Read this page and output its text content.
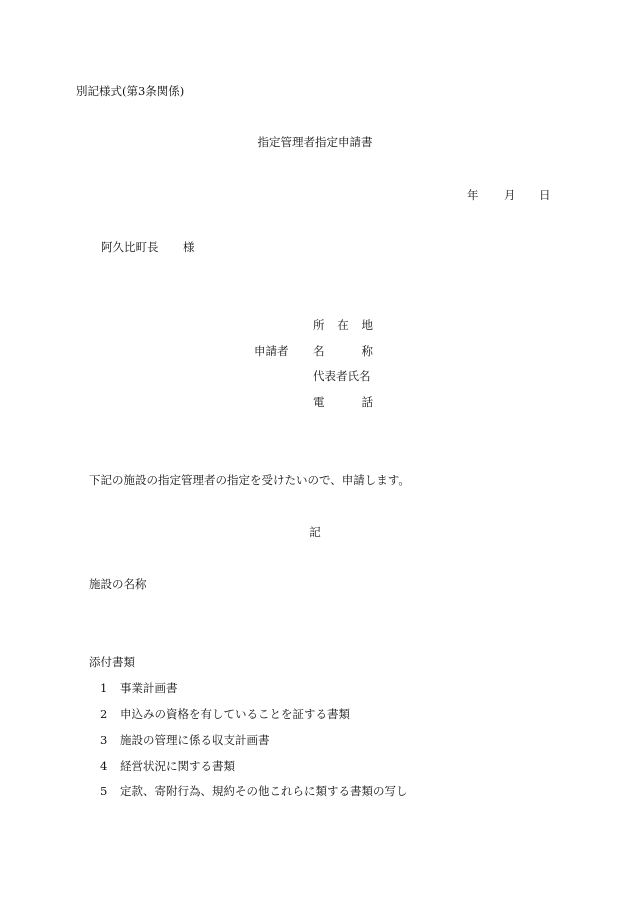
別記様式(第3条関係)
指定管理者指定申請書
年 月 日
阿久比町長 様
申請者
所 在 地
名	称
代表者氏名
電	話
下記の施設の指定管理者の指定を受けたいので、申請します。
記
施設の名称
添付書類
1 事業計画書
2 申込みの資格を有していることを証する書類
3 施設の管理に係る収支計画書
4 経営状況に関する書類
5 定款、寄附行為、規約その他これらに類する書類の写し
